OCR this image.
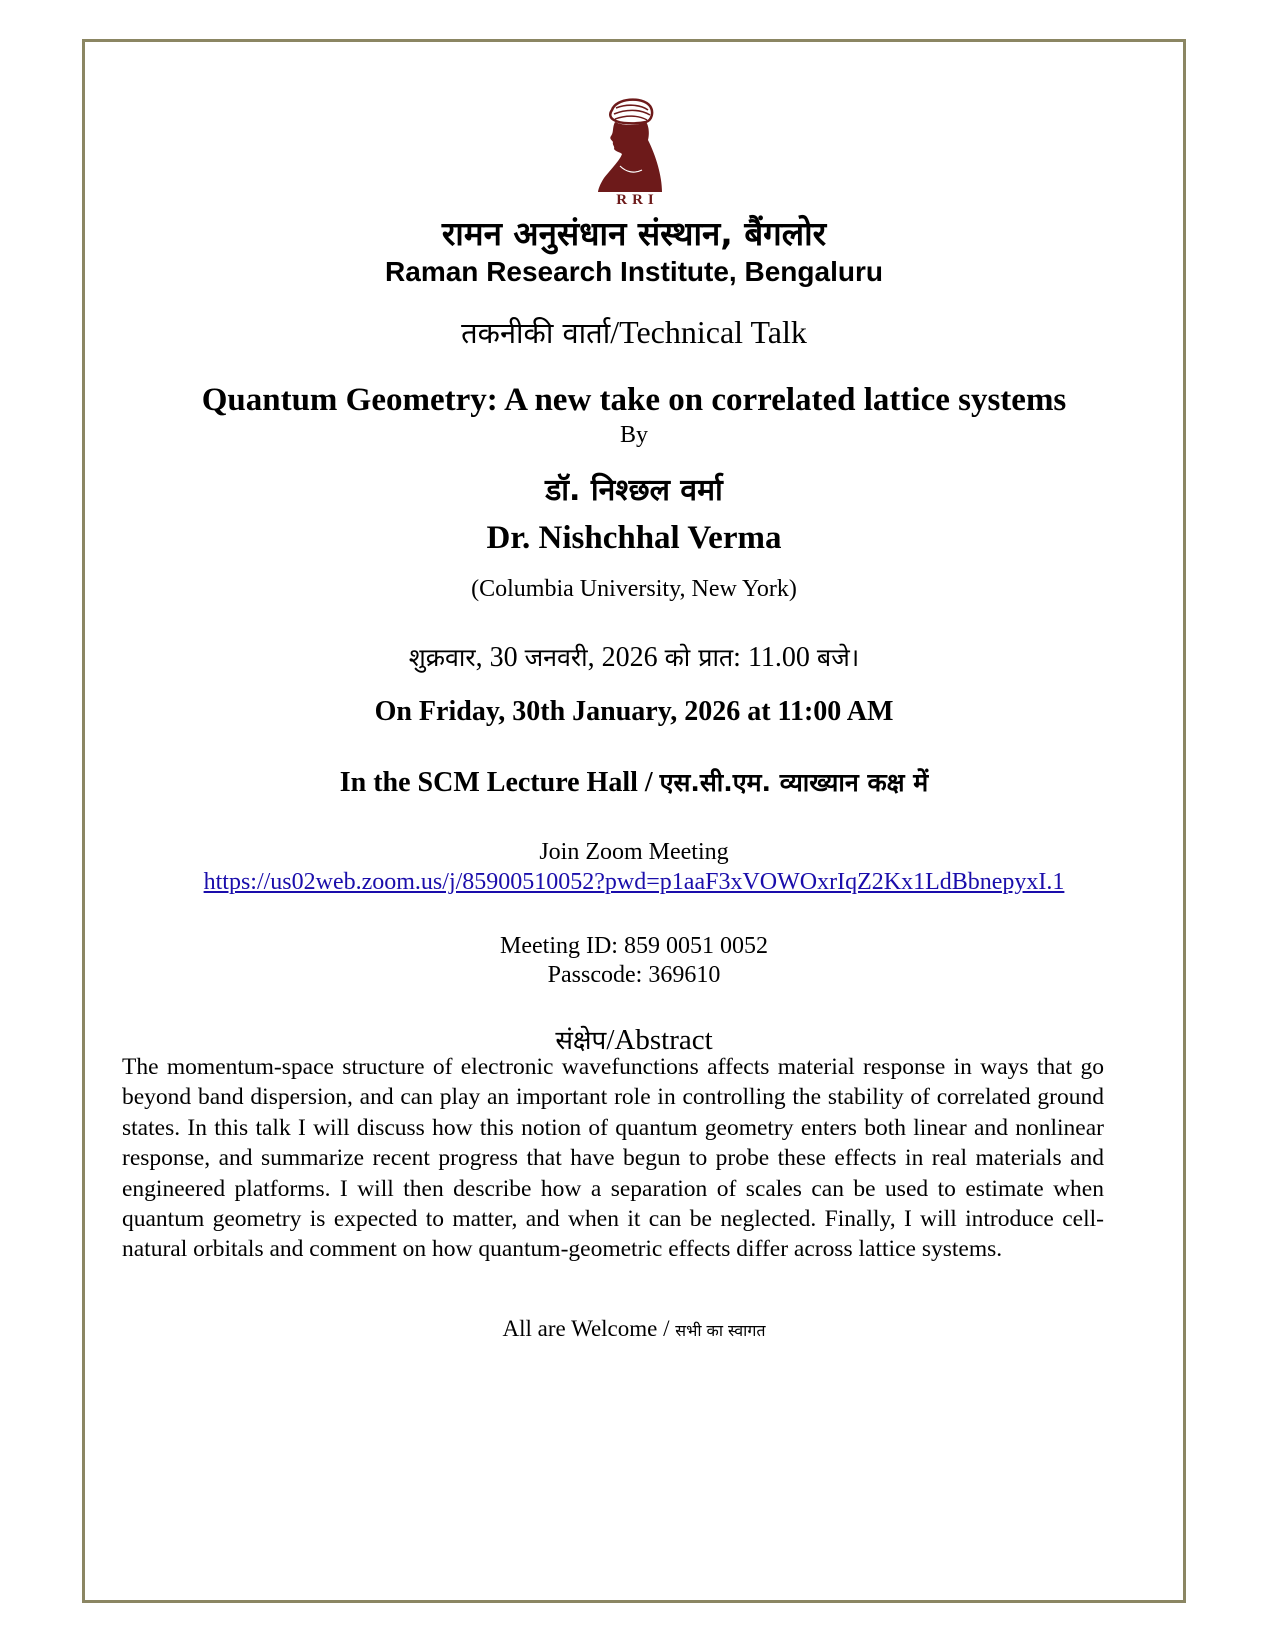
RRI
रामन अनुसंधान संस्थान, बैंगलोर
Raman Research Institute, Bengaluru
तकनीकी वार्ता/Technical Talk
Quantum Geometry: A new take on correlated lattice systems
By
डॉ. निश्छल वर्मा
Dr. Nishchhal Verma
(Columbia University, New York)
शुक्रवार, 30 जनवरी, 2026 को प्रात: 11.00 बजे।
On Friday, 30th January, 2026 at 11:00 AM
In the SCM Lecture Hall / एस.सी.एम. व्याख्यान कक्ष में
Join Zoom Meeting
https://us02web.zoom.us/j/85900510052?pwd=p1aaF3xVOWOxrIqZ2Kx1LdBbnepyxI.1
Meeting ID: 859 0051 0052
Passcode: 369610
संक्षेप/Abstract
The momentum-space structure of electronic wavefunctions affects material response in ways that go beyond band dispersion, and can play an important role in controlling the stability of correlated ground states. In this talk I will discuss how this notion of quantum geometry enters both linear and nonlinear response, and summarize recent progress that have begun to probe these effects in real materials and engineered platforms. I will then describe how a separation of scales can be used to estimate when quantum geometry is expected to matter, and when it can be neglected. Finally, I will introduce cell-natural orbitals and comment on how quantum-geometric effects differ across lattice systems.
All are Welcome / सभी का स्वागत
